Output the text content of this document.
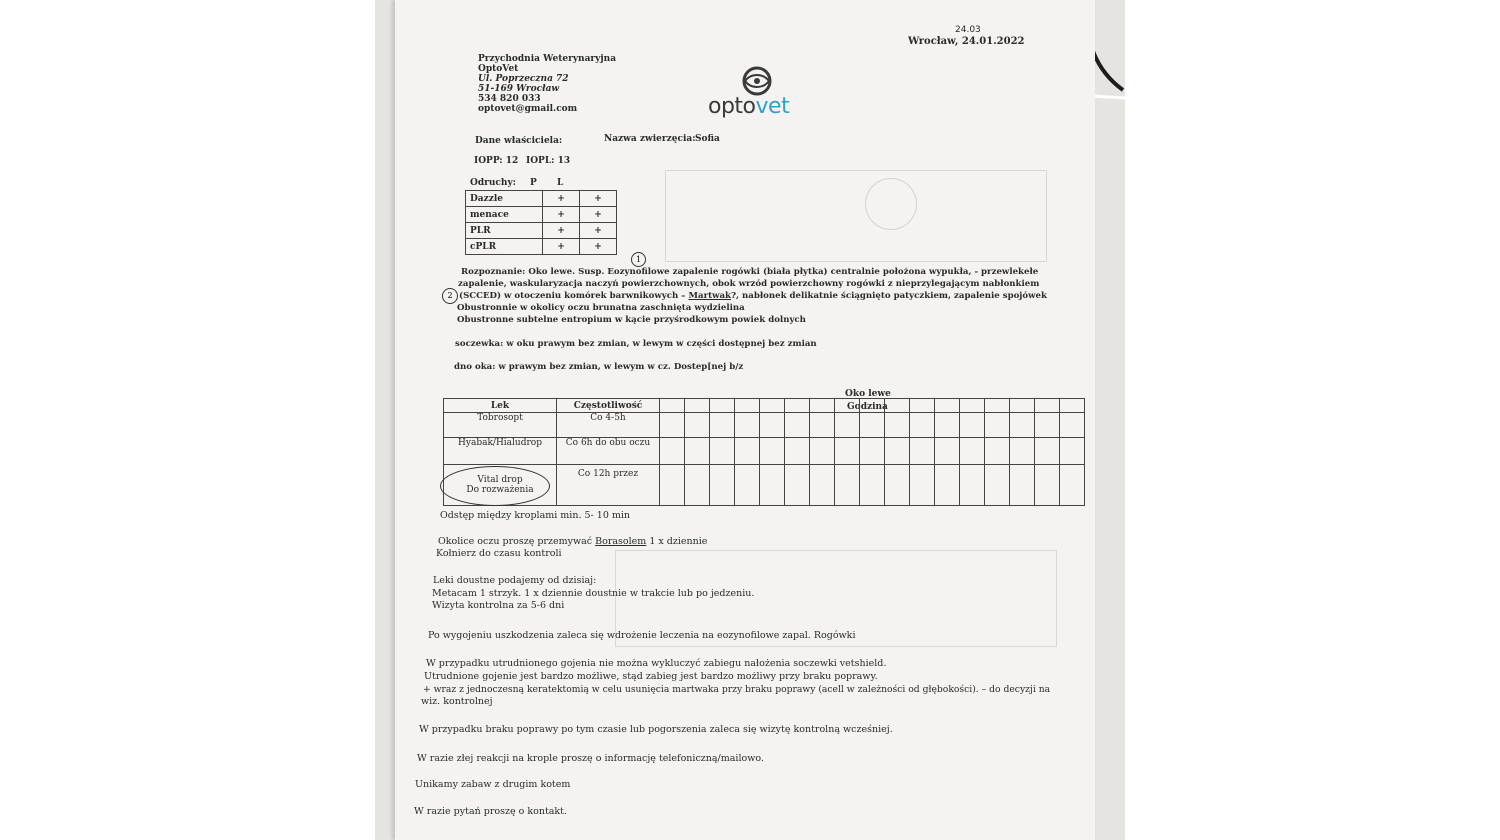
Wrocław, 24.01.2022
24.03
Przychodnia Weterynaryjna
OptoVet
Ul. Poprzeczna 72
51-169 Wrocław
534 820 033
optovet@gmail.com	optovet
Dane właściciela:	Nazwa zwierzęcia: Sofia
IOPP: 12 IOPL: 13
Odruchy: P L
Dazzle	+	+
menace	+	+
PLR	+	+
cPLR	+	+
1
2
Rozpoznanie: Oko lewe. Susp. Eozynofilowe zapalenie rogówki (biała płytka) centralnie położona wypukła, - przewlekełe
zapalenie, waskularyzacja naczyń powierzchownych, obok wrzód powierzchowny rogówki z nieprzylegającym nabłonkiem
(SCCED) w otoczeniu komórek barwnikowych – Martwak?, nabłonek delikatnie ściągnięto patyczkiem, zapalenie spojówek
Obustronnie w okolicy oczu brunatna zaschnięta wydzielina
Obustronne subtelne entropium w kącie przyśrodkowym powiek dolnych
soczewka: w oku prawym bez zmian, w lewym w części dostępnej bez zmian
dno oka: w prawym bez zmian, w lewym w cz. Dostep[nej b/z
Oko lewe
Godzina
Lek	Częstotliwość																	
Tobrosopt	Co 4-5h																	
Hyabak/Hialudrop	Co 6h do obu oczu																	

Vital drop
Do rozważenia	Co 12h przez																	
Odstęp między kroplami min. 5- 10 min
Okolice oczu proszę przemywać Borasolem 1 x dziennie
Kołnierz do czasu kontroli
Leki doustne podajemy od dzisiaj:
Metacam 1 strzyk. 1 x dziennie doustnie w trakcie lub po jedzeniu.
Wizyta kontrolna za 5-6 dni
Po wygojeniu uszkodzenia zaleca się wdrożenie leczenia na eozynofilowe zapal. Rogówki
W przypadku utrudnionego gojenia nie można wykluczyć zabiegu nałożenia soczewki vetshield.
Utrudnione gojenie jest bardzo możliwe, stąd zabieg jest bardzo możliwy przy braku poprawy.
+ wraz z jednoczesną keratektomią w celu usunięcia martwaka przy braku poprawy (acell w zależności od głębokości). – do decyzji na
wiz. kontrolnej
W przypadku braku poprawy po tym czasie lub pogorszenia zaleca się wizytę kontrolną wcześniej.
W razie złej reakcji na krople proszę o informację telefoniczną/mailowo.
Unikamy zabaw z drugim kotem
W razie pytań proszę o kontakt.
